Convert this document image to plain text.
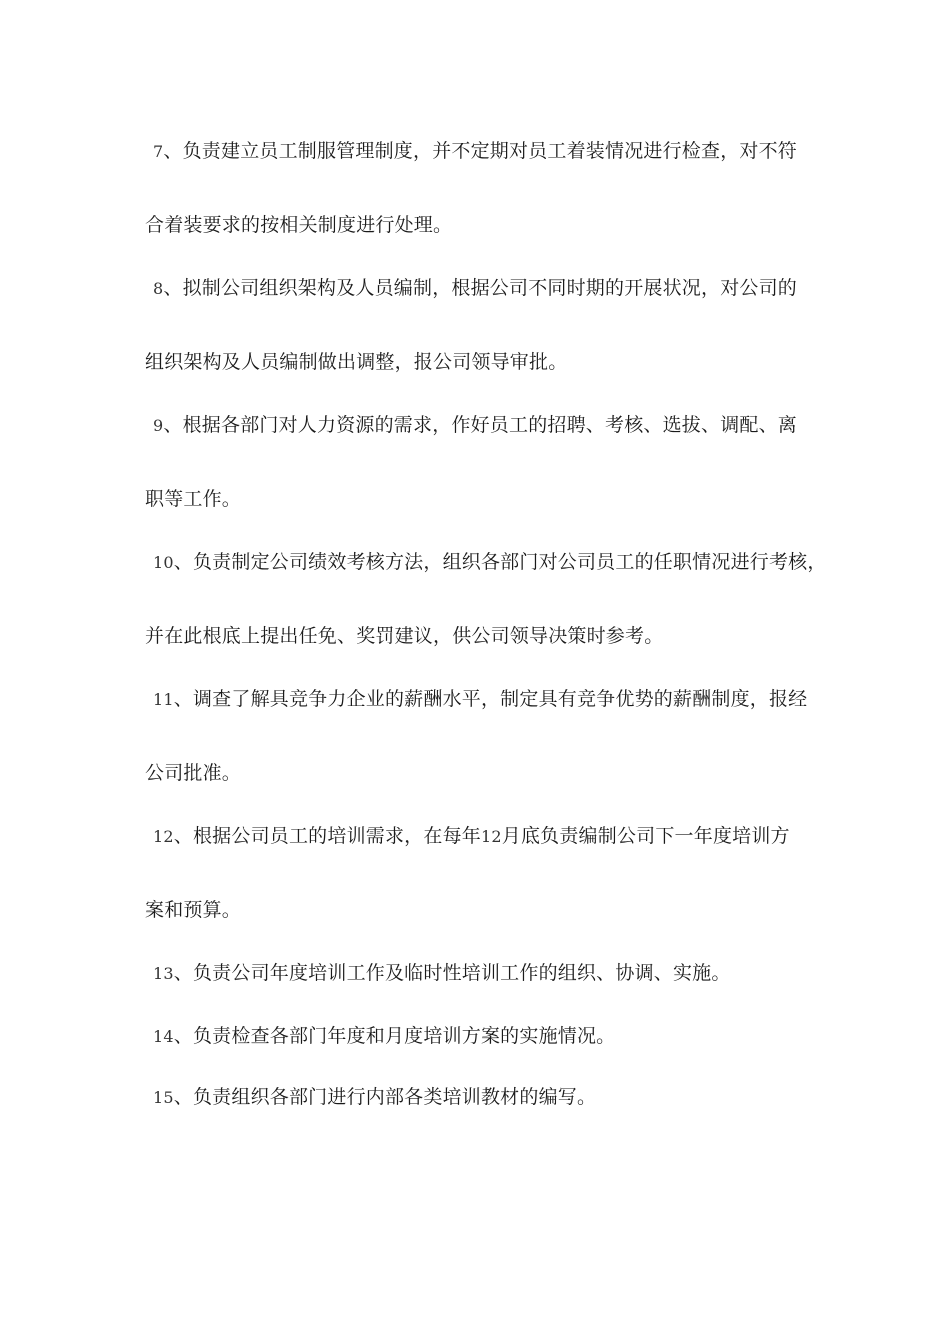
7、负责建立员工制服管理制度，并不定期对员工着装情况进行检查，对不符
合着装要求的按相关制度进行处理。
8、拟制公司组织架构及人员编制，根据公司不同时期的开展状况，对公司的
组织架构及人员编制做出调整，报公司领导审批。
9、根据各部门对人力资源的需求，作好员工的招聘、考核、选拔、调配、离
职等工作。
10、负责制定公司绩效考核方法，组织各部门对公司员工的任职情况进行考核，
并在此根底上提出任免、奖罚建议，供公司领导决策时参考。
11、调查了解具竞争力企业的薪酬水平，制定具有竞争优势的薪酬制度，报经
公司批准。
12、根据公司员工的培训需求，在每年12月底负责编制公司下一年度培训方
案和预算。
13、负责公司年度培训工作及临时性培训工作的组织、协调、实施。
14、负责检查各部门年度和月度培训方案的实施情况。
15、负责组织各部门进行内部各类培训教材的编写。
